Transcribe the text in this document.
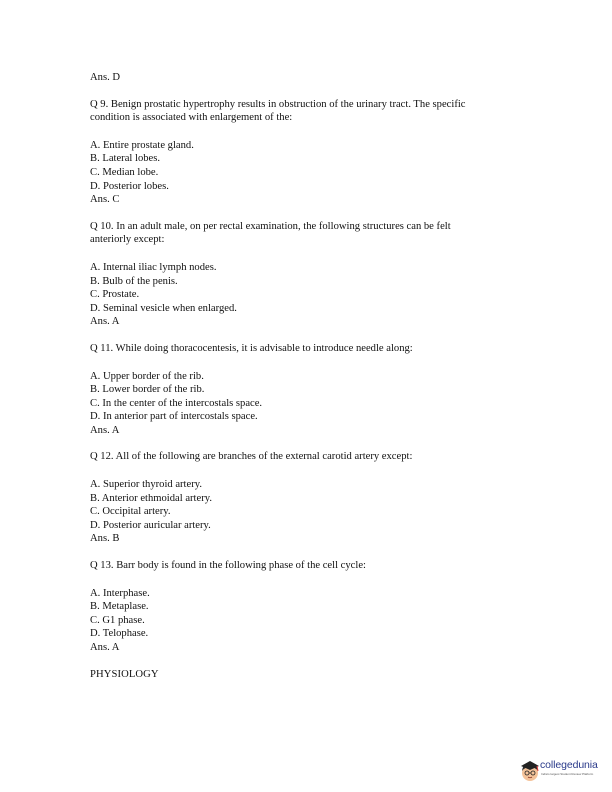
Ans. D
Q 9. Benign prostatic hypertrophy results in obstruction of the urinary tract. The specific
condition is associated with enlargement of the:
A. Entire prostate gland.
B. Lateral lobes.
C. Median lobe.
D. Posterior lobes.
Ans. C
Q 10. In an adult male, on per rectal examination, the following structures can be felt
anteriorly except:
A. Internal iliac lymph nodes.
B. Bulb of the penis.
C. Prostate.
D. Seminal vesicle when enlarged.
Ans. A
Q 11. While doing thoracocentesis, it is advisable to introduce needle along:
A. Upper border of the rib.
B. Lower border of the rib.
C. In the center of the intercostals space.
D. In anterior part of intercostals space.
Ans. A
Q 12. All of the following are branches of the external carotid artery except:
A. Superior thyroid artery.
B. Anterior ethmoidal artery.
C. Occipital artery.
D. Posterior auricular artery.
Ans. B
Q 13. Barr body is found in the following phase of the cell cycle:
A. Interphase.
B. Metaplase.
C. G1 phase.
D. Telophase.
Ans. A
PHYSIOLOGY
collegedunia
India's largest Student Review Platform
